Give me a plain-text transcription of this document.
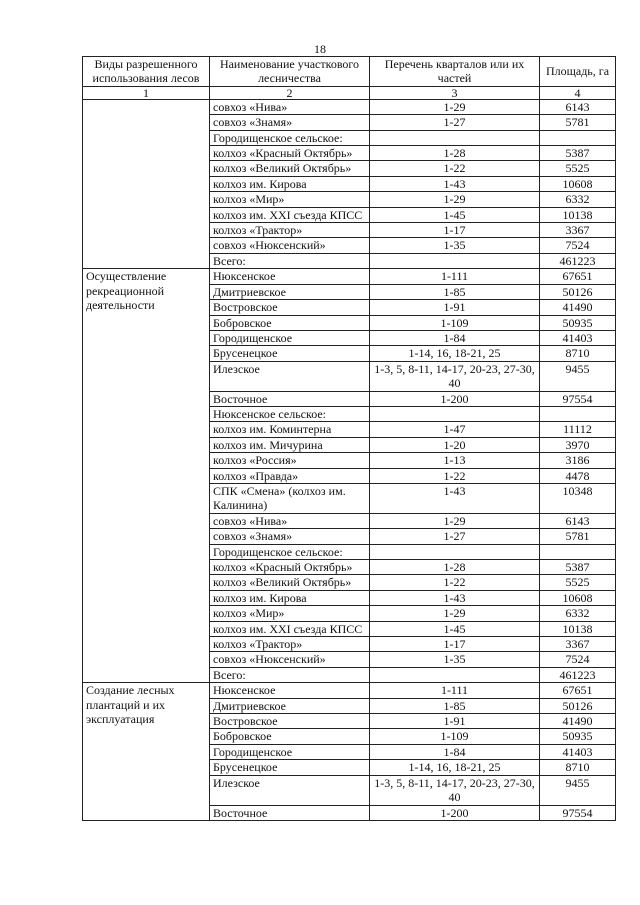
18
Виды разрешенного использования лесов	Наименование участкового лесничества	Перечень кварталов или их частей	Площадь, га
1	2	3	4
	совхоз «Нива»	1-29	6143
	совхоз «Знамя»	1-27	5781
	Городищенское сельское:		
	колхоз «Красный Октябрь»	1-28	5387
	колхоз «Великий Октябрь»	1-22	5525
	колхоз им. Кирова	1-43	10608
	колхоз «Мир»	1-29	6332
	колхоз им. XXI съезда КПСС	1-45	10138
	колхоз «Трактор»	1-17	3367
	совхоз «Нюксенский»	1-35	7524
	Всего:		461223
Осуществление рекреационной деятельности	Нюксенское	1-111	67651
	Дмитриевское	1-85	50126
	Востровское	1-91	41490
	Бобровское	1-109	50935
	Городищенское	1-84	41403
	Брусенецкое	1-14, 16, 18-21, 25	8710
	Илезское	1-3, 5, 8-11, 14-17, 20-23, 27-30, 40	9455
	Восточное	1-200	97554
	Нюксенское сельское:		
	колхоз им. Коминтерна	1-47	11112
	колхоз им. Мичурина	1-20	3970
	колхоз «Россия»	1-13	3186
	колхоз «Правда»	1-22	4478
	СПК «Смена» (колхоз им. Калинина)	1-43	10348
	совхоз «Нива»	1-29	6143
	совхоз «Знамя»	1-27	5781
	Городищенское сельское:		
	колхоз «Красный Октябрь»	1-28	5387
	колхоз «Великий Октябрь»	1-22	5525
	колхоз им. Кирова	1-43	10608
	колхоз «Мир»	1-29	6332
	колхоз им. XXI съезда КПСС	1-45	10138
	колхоз «Трактор»	1-17	3367
	совхоз «Нюксенский»	1-35	7524
	Всего:		461223
Создание лесных плантаций и их эксплуатация	Нюксенское	1-111	67651
	Дмитриевское	1-85	50126
	Востровское	1-91	41490
	Бобровское	1-109	50935
	Городищенское	1-84	41403
	Брусенецкое	1-14, 16, 18-21, 25	8710
	Илезское	1-3, 5, 8-11, 14-17, 20-23, 27-30, 40	9455
	Восточное	1-200	97554
